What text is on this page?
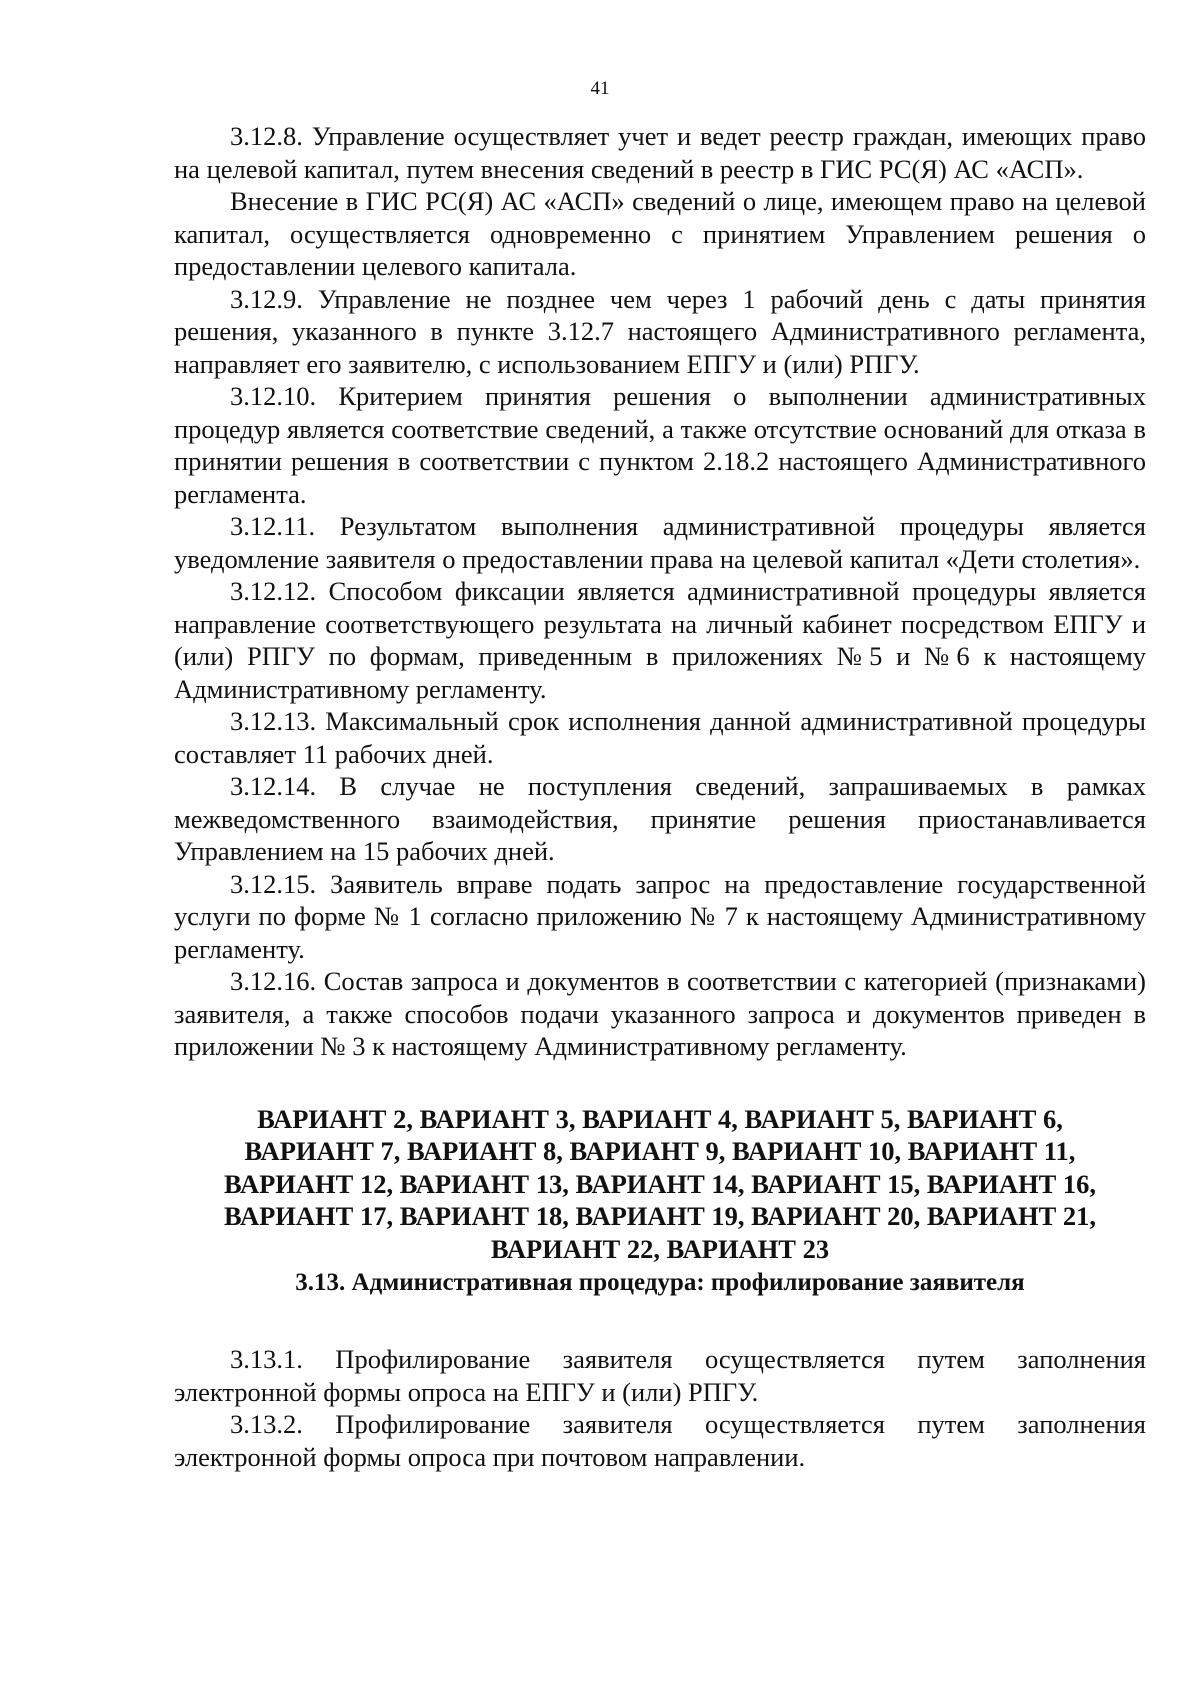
41

3.12.8. Управление осуществляет учет и ведет реестр граждан, имеющих право на целевой капитал, путем внесения сведений в реестр в ГИС РС(Я) АС «АСП».

Внесение в ГИС РС(Я) АС «АСП» сведений о лице, имеющем право на целевой капитал, осуществляется одновременно с принятием Управлением решения о предоставлении целевого капитала.

3.12.9. Управление не позднее чем через 1 рабочий день с даты принятия решения, указанного в пункте 3.12.7 настоящего Административного регламента, направляет его заявителю, с использованием ЕПГУ и (или) РПГУ.

3.12.10. Критерием принятия решения о выполнении административных процедур является соответствие сведений, а также отсутствие оснований для отказа в принятии решения в соответствии с пунктом 2.18.2 настоящего Административного регламента.

3.12.11. Результатом выполнения административной процедуры является уведомление заявителя о предоставлении права на целевой капитал «Дети столетия».

3.12.12. Способом фиксации является административной процедуры является направление соответствующего результата на личный кабинет посредством ЕПГУ и (или) РПГУ по формам, приведенным в приложениях №5 и №6 к настоящему Административному регламенту.

3.12.13. Максимальный срок исполнения данной административной процедуры составляет 11 рабочих дней.

3.12.14. В случае не поступления сведений, запрашиваемых в рамках межведомственного взаимодействия, принятие решения приостанавливается Управлением на 15 рабочих дней.

3.12.15. Заявитель вправе подать запрос на предоставление государственной услуги по форме № 1 согласно приложению № 7 к настоящему Административному регламенту.

3.12.16. Состав запроса и документов в соответствии с категорией (признаками) заявителя, а также способов подачи указанного запроса и документов приведен в приложении № 3 к настоящему Административному регламенту.

ВАРИАНТ 2, ВАРИАНТ 3, ВАРИАНТ 4, ВАРИАНТ 5, ВАРИАНТ 6,
ВАРИАНТ 7, ВАРИАНТ 8, ВАРИАНТ 9, ВАРИАНТ 10, ВАРИАНТ 11,
ВАРИАНТ 12, ВАРИАНТ 13, ВАРИАНТ 14, ВАРИАНТ 15, ВАРИАНТ 16,
ВАРИАНТ 17, ВАРИАНТ 18, ВАРИАНТ 19, ВАРИАНТ 20, ВАРИАНТ 21,
ВАРИАНТ 22, ВАРИАНТ 23
3.13. Административная процедура: профилирование заявителя

3.13.1. Профилирование заявителя осуществляется путем заполнения электронной формы опроса на ЕПГУ и (или) РПГУ.

3.13.2. Профилирование заявителя осуществляется путем заполнения электронной формы опроса при почтовом направлении.
